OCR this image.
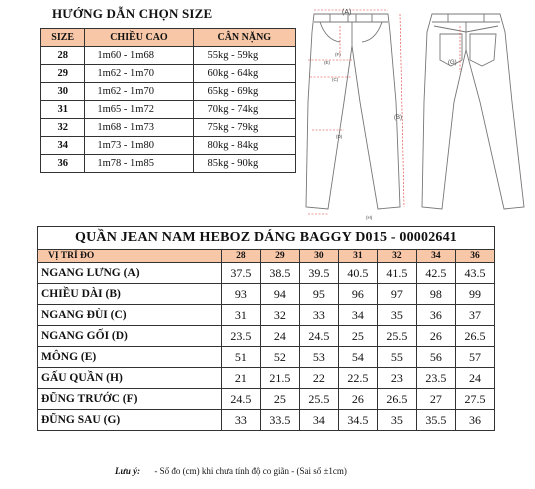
HƯỚNG DẪN CHỌN SIZE
SIZE	CHIỀU CAO	CÂN NẶNG
28	1m60 - 1m68	55kg - 59kg
29	1m62 - 1m70	60kg - 64kg
30	1m62 - 1m70	65kg - 69kg
31	1m65 - 1m72	70kg - 74kg
32	1m68 - 1m73	75kg - 79kg
34	1m73 - 1m80	80kg - 84kg
36	1m78 - 1m85	85kg - 90kg
(A)
(F)
(E)
(C)
(D)
(H)
(B)
(G)
QUẦN JEAN NAM HEBOZ DÁNG BAGGY D015 - 00002641							
VỊ TRÍ ĐO	28	29	30	31	32	34	36
NGANG LƯNG (A)	37.5	38.5	39.5	40.5	41.5	42.5	43.5
CHIỀU DÀI (B)	93	94	95	96	97	98	99
NGANG ĐÙI (C)	31	32	33	34	35	36	37
NGANG GỐI (D)	23.5	24	24.5	25	25.5	26	26.5
MÔNG (E)	51	52	53	54	55	56	57
GẤU QUẦN (H)	21	21.5	22	22.5	23	23.5	24
ĐŨNG TRƯỚC (F)	24.5	25	25.5	26	26.5	27	27.5
ĐŨNG SAU (G)	33	33.5	34	34.5	35	35.5	36
Lưu ý: - Số đo (cm) khi chưa tính độ co giãn - (Sai số ±1cm)
